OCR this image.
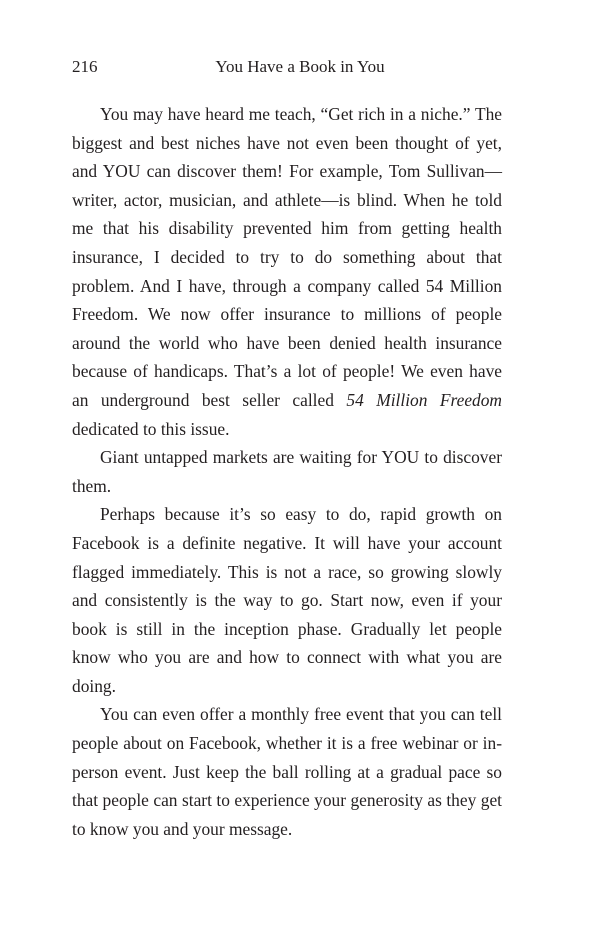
216	You Have a Book in You

You may have heard me teach, “Get rich in a niche.” The biggest and best niches have not even been thought of yet, and YOU can discover them! For example, Tom Sullivan—writer, actor, musician, and athlete—is blind. When he told me that his disability prevented him from getting health insurance, I decided to try to do something about that problem. And I have, through a company called 54 Million Freedom. We now offer insurance to millions of people around the world who have been denied health insurance because of handicaps. That’s a lot of people! We even have an underground best seller called 54 Million Freedom dedicated to this issue.

Giant untapped markets are waiting for YOU to discover them.

Perhaps because it’s so easy to do, rapid growth on Facebook is a definite negative. It will have your account flagged immediately. This is not a race, so growing slowly and consistently is the way to go. Start now, even if your book is still in the inception phase. Gradually let people know who you are and how to connect with what you are doing.

You can even offer a monthly free event that you can tell people about on Facebook, whether it is a free webinar or in-person event. Just keep the ball rolling at a gradual pace so that people can start to experience your generosity as they get to know you and your message.
